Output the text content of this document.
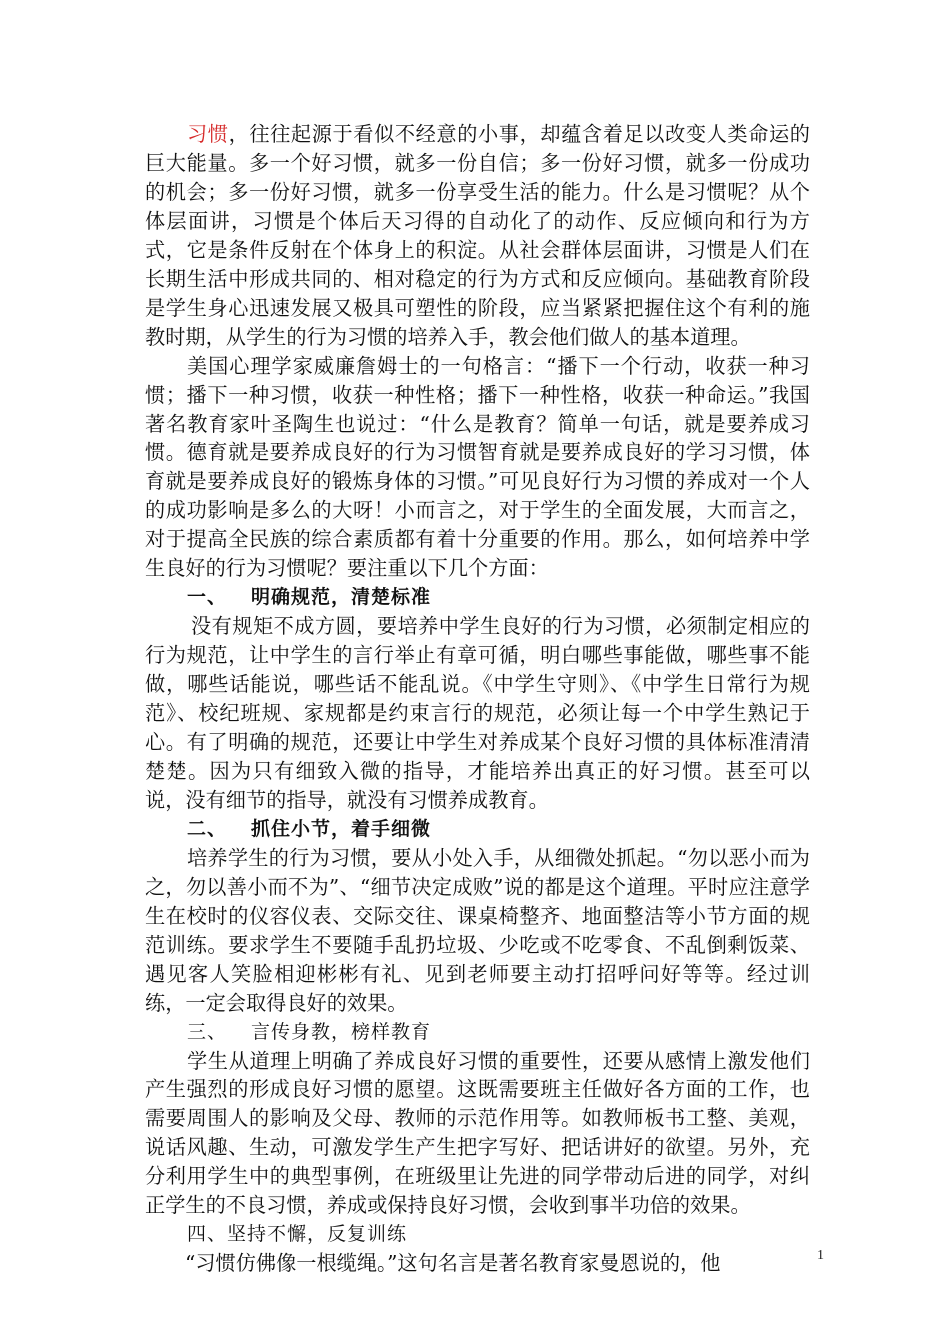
习惯，往往起源于看似不经意的小事，却蕴含着足以改变人类命运的巨大能量。多一个好习惯，就多一份自信；多一份好习惯，就多一份成功的机会；多一份好习惯，就多一份享受生活的能力。什么是习惯呢？从个体层面讲，习惯是个体后天习得的自动化了的动作、反应倾向和行为方式，它是条件反射在个体身上的积淀。从社会群体层面讲，习惯是人们在长期生活中形成共同的、相对稳定的行为方式和反应倾向。基础教育阶段是学生身心迅速发展又极具可塑性的阶段，应当紧紧把握住这个有利的施教时期，从学生的行为习惯的培养入手，教会他们做人的基本道理。

美国心理学家威廉詹姆士的一句格言：“播下一个行动，收获一种习惯；播下一种习惯，收获一种性格；播下一种性格，收获一种命运。”我国著名教育家叶圣陶生也说过：“什么是教育？简单一句话，就是要养成习惯。德育就是要养成良好的行为习惯智育就是要养成良好的学习习惯，体育就是要养成良好的锻炼身体的习惯。”可见良好行为习惯的养成对一个人的成功影响是多么的大呀！小而言之，对于学生的全面发展，大而言之，对于提高全民族的综合素质都有着十分重要的作用。那么，如何培养中学生良好的行为习惯呢？要注重以下几个方面：

一、 明确规范，清楚标准

没有规矩不成方圆，要培养中学生良好的行为习惯，必须制定相应的行为规范，让中学生的言行举止有章可循，明白哪些事能做，哪些事不能做，哪些话能说，哪些话不能乱说。《中学生守则》、《中学生日常行为规范》、校纪班规、家规都是约束言行的规范，必须让每一个中学生熟记于心。有了明确的规范，还要让中学生对养成某个良好习惯的具体标准清清楚楚。因为只有细致入微的指导，才能培养出真正的好习惯。甚至可以说，没有细节的指导，就没有习惯养成教育。

二、 抓住小节，着手细微

培养学生的行为习惯，要从小处入手，从细微处抓起。“勿以恶小而为之，勿以善小而不为”、“细节决定成败”说的都是这个道理。平时应注意学生在校时的仪容仪表、交际交往、课桌椅整齐、地面整洁等小节方面的规范训练。要求学生不要随手乱扔垃圾、少吃或不吃零食、不乱倒剩饭菜、遇见客人笑脸相迎彬彬有礼、见到老师要主动打招呼问好等等。经过训练，一定会取得良好的效果。

三、 言传身教，榜样教育

学生从道理上明确了养成良好习惯的重要性，还要从感情上激发他们产生强烈的形成良好习惯的愿望。这既需要班主任做好各方面的工作，也需要周围人的影响及父母、教师的示范作用等。如教师板书工整、美观，说话风趣、生动，可激发学生产生把字写好、把话讲好的欲望。另外，充分利用学生中的典型事例，在班级里让先进的同学带动后进的同学，对纠正学生的不良习惯，养成或保持良好习惯，会收到事半功倍的效果。

四、坚持不懈，反复训练

“习惯仿佛像一根缆绳。”这句名言是著名教育家曼恩说的，他	1
